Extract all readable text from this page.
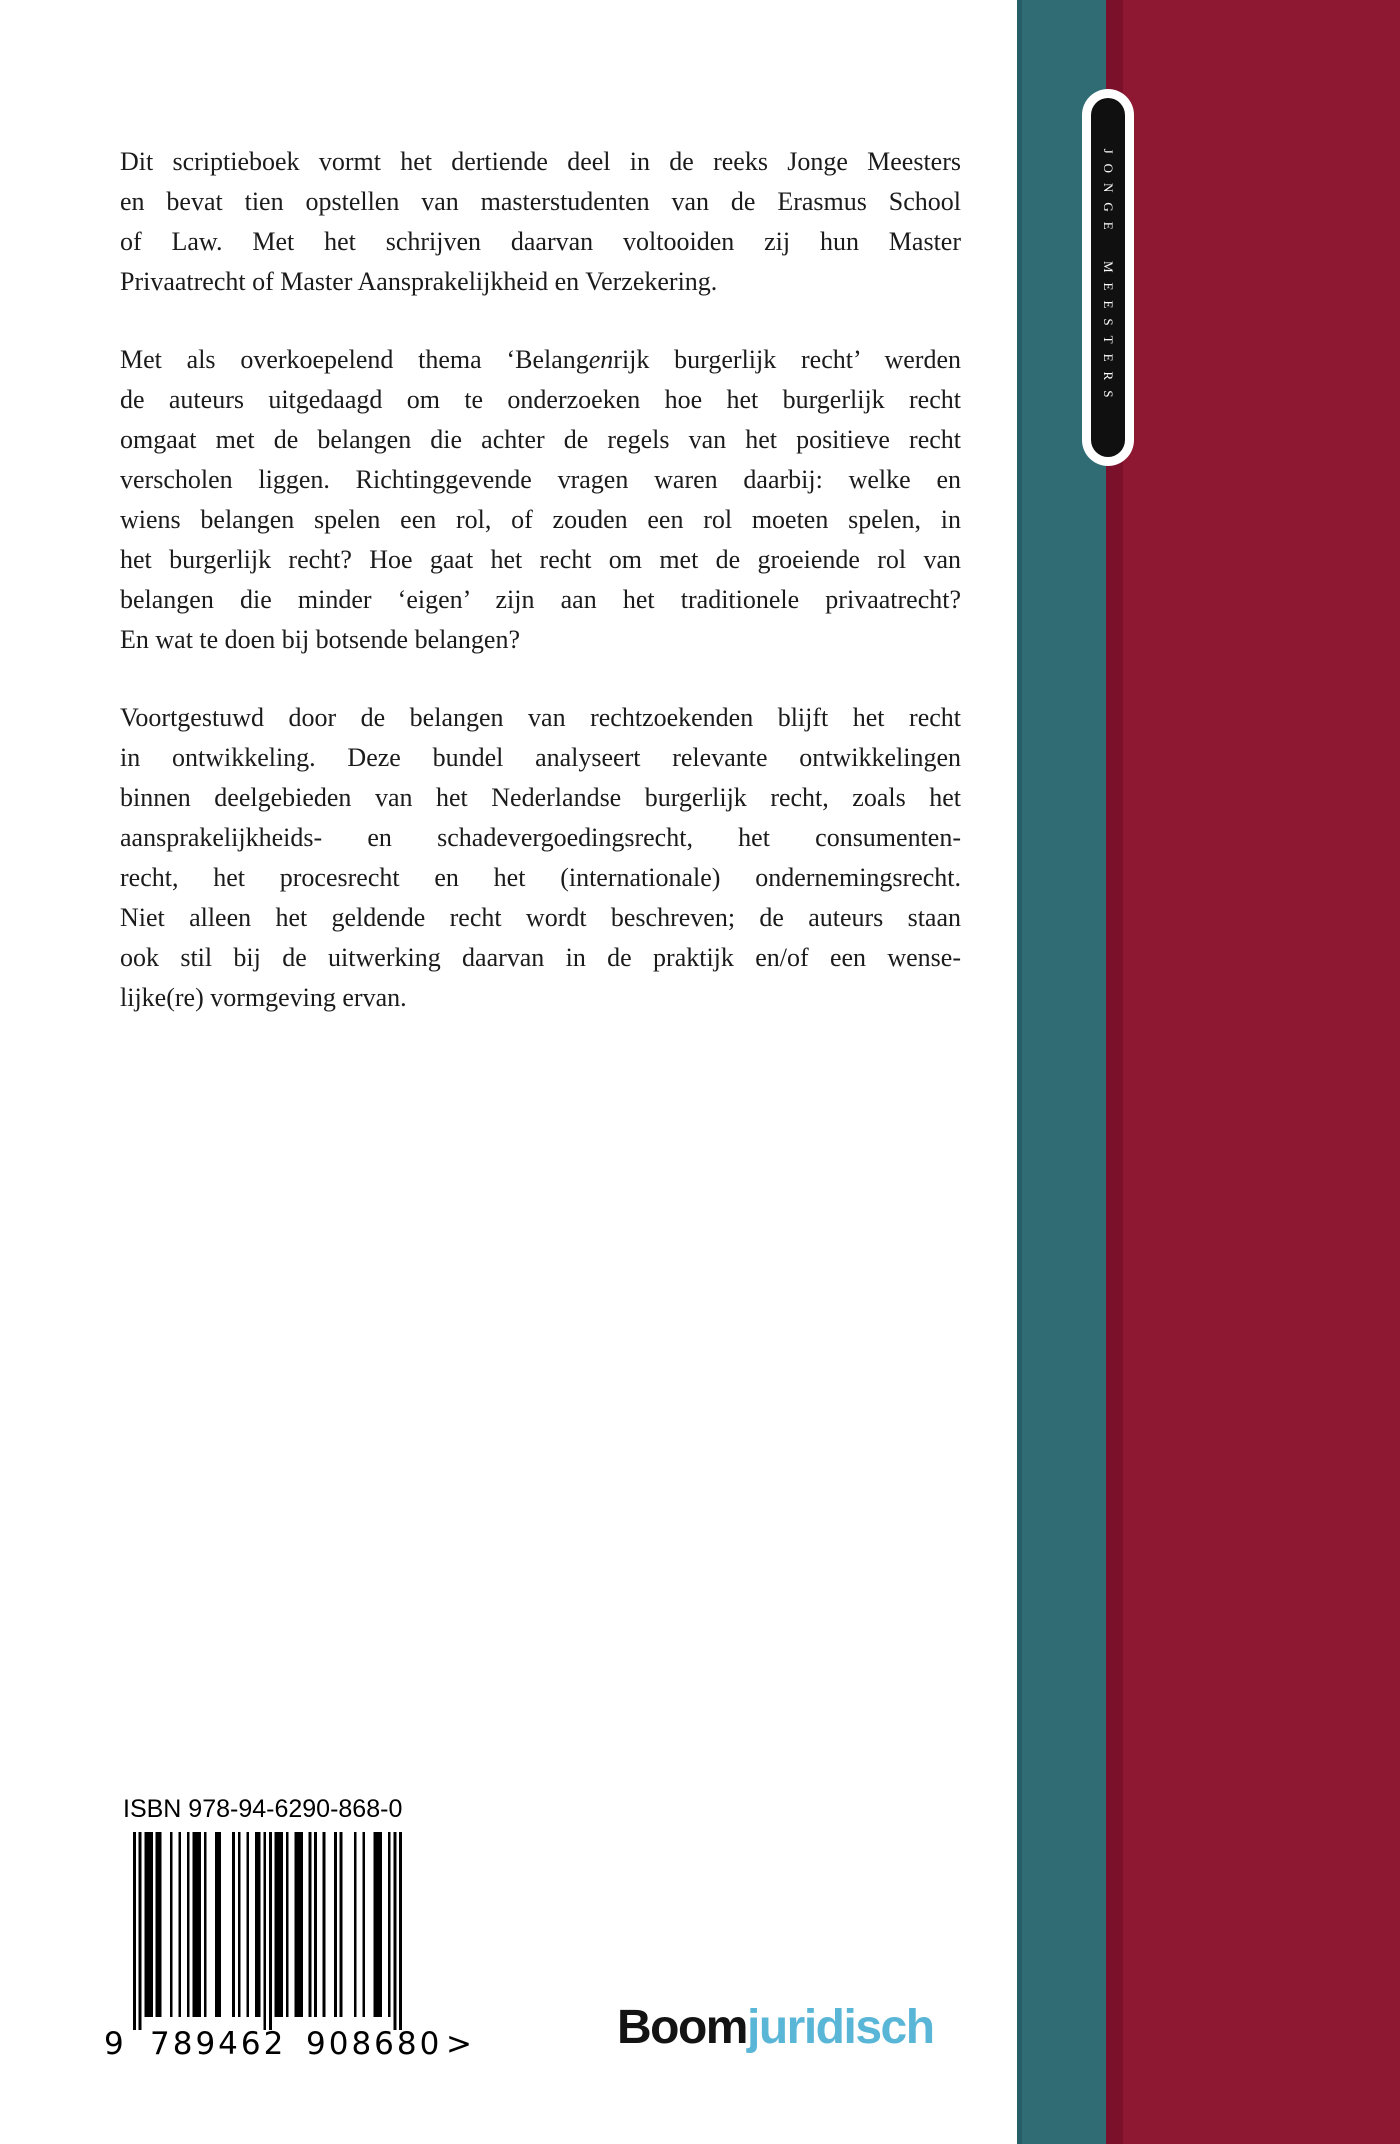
JONGE MEESTERS
Dit scriptieboek vormt het dertiende deel in de reeks Jonge Meesters
en bevat tien opstellen van masterstudenten van de Erasmus School
of Law. Met het schrijven daarvan voltooiden zij hun Master
Privaatrecht of Master Aansprakelijkheid en Verzekering.
Met als overkoepelend thema ‘Belangenrijk burgerlijk recht’ werden
de auteurs uitgedaagd om te onderzoeken hoe het burgerlijk recht
omgaat met de belangen die achter de regels van het positieve recht
verscholen liggen. Richtinggevende vragen waren daarbij: welke en
wiens belangen spelen een rol, of zouden een rol moeten spelen, in
het burgerlijk recht? Hoe gaat het recht om met de groeiende rol van
belangen die minder ‘eigen’ zijn aan het traditionele privaatrecht?
En wat te doen bij botsende belangen?
Voortgestuwd door de belangen van rechtzoekenden blijft het recht
in ontwikkeling. Deze bundel analyseert relevante ontwikkelingen
binnen deelgebieden van het Nederlandse burgerlijk recht, zoals het
aansprakelijkheids- en schadevergoedingsrecht, het consumenten-
recht, het procesrecht en het (internationale) ondernemingsrecht.
Niet alleen het geldende recht wordt beschreven; de auteurs staan
ook stil bij de uitwerking daarvan in de praktijk en/of een wense-
lijke(re) vormgeving ervan.
ISBN 978-94-6290-868-0
9 789462 908680 >	Boomjuridisch
